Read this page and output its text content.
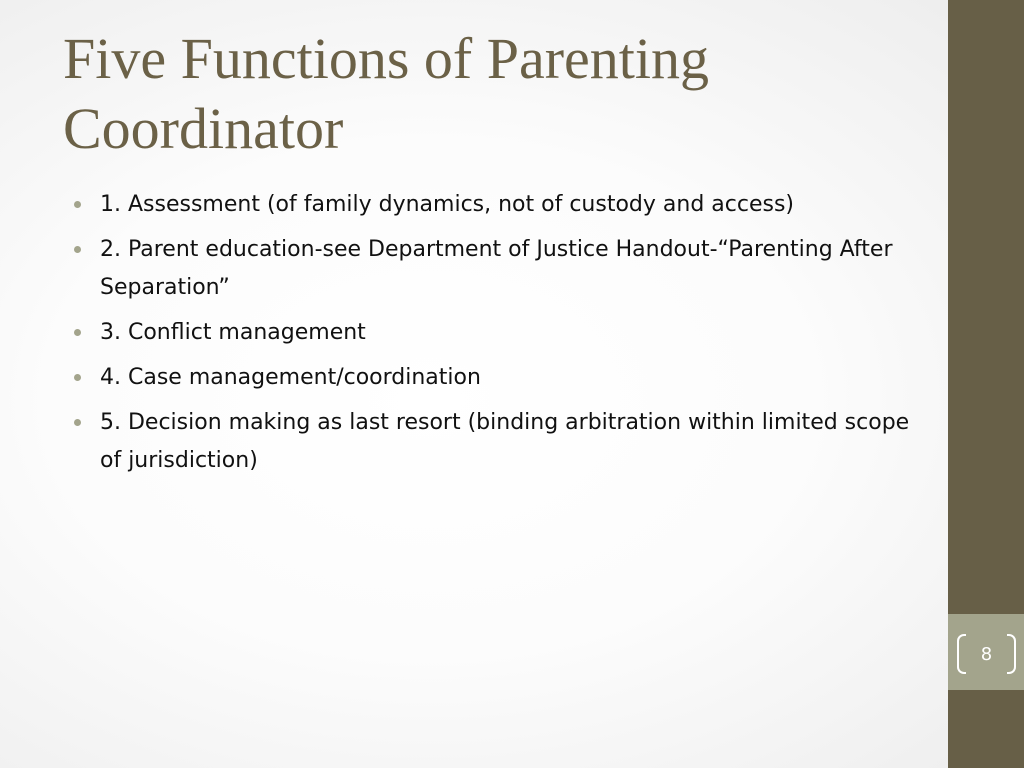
Five Functions of Parenting Coordinator
1. Assessment (of family dynamics, not of custody and access)
2. Parent education-see Department of Justice Handout-“Parenting After Separation”
3. Conflict management
4. Case management/coordination
5. Decision making as last resort (binding arbitration within limited scope of jurisdiction)
8
